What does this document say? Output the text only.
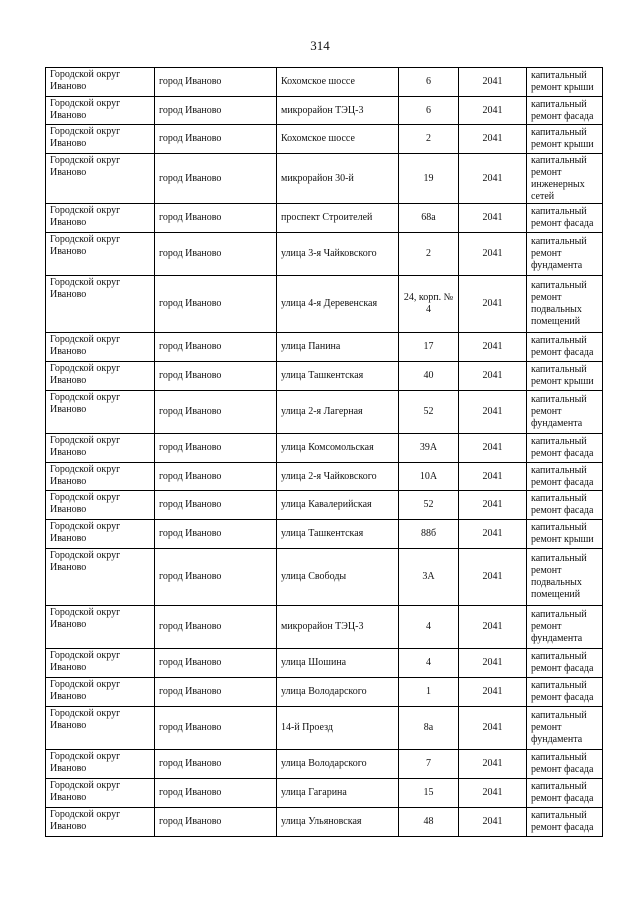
314
Городской округ Иваново	город Иваново	Кохомское шоссе	6	2041	капитальный ремонт крыши
Городской округ Иваново	город Иваново	микрорайон ТЭЦ-3	6	2041	капитальный ремонт фасада
Городской округ Иваново	город Иваново	Кохомское шоссе	2	2041	капитальный ремонт крыши
Городской округ Иваново	город Иваново	микрорайон 30-й	19	2041	капитальный ремонт инженерных сетей
Городской округ Иваново	город Иваново	проспект Строителей	68а	2041	капитальный ремонт фасада
Городской округ Иваново	город Иваново	улица 3-я Чайковского	2	2041	капитальный ремонт фундамента
Городской округ Иваново	город Иваново	улица 4-я Деревенская	24, корп. № 4	2041	капитальный ремонт подвальных помещений
Городской округ Иваново	город Иваново	улица Панина	17	2041	капитальный ремонт фасада
Городской округ Иваново	город Иваново	улица Ташкентская	40	2041	капитальный ремонт крыши
Городской округ Иваново	город Иваново	улица 2-я Лагерная	52	2041	капитальный ремонт фундамента
Городской округ Иваново	город Иваново	улица Комсомольская	39А	2041	капитальный ремонт фасада
Городской округ Иваново	город Иваново	улица 2-я Чайковского	10А	2041	капитальный ремонт фасада
Городской округ Иваново	город Иваново	улица Кавалерийская	52	2041	капитальный ремонт фасада
Городской округ Иваново	город Иваново	улица Ташкентская	88б	2041	капитальный ремонт крыши
Городской округ Иваново	город Иваново	улица Свободы	3А	2041	капитальный ремонт подвальных помещений
Городской округ Иваново	город Иваново	микрорайон ТЭЦ-3	4	2041	капитальный ремонт фундамента
Городской округ Иваново	город Иваново	улица Шошина	4	2041	капитальный ремонт фасада
Городской округ Иваново	город Иваново	улица Володарского	1	2041	капитальный ремонт фасада
Городской округ Иваново	город Иваново	14-й Проезд	8а	2041	капитальный ремонт фундамента
Городской округ Иваново	город Иваново	улица Володарского	7	2041	капитальный ремонт фасада
Городской округ Иваново	город Иваново	улица Гагарина	15	2041	капитальный ремонт фасада
Городской округ Иваново	город Иваново	улица Ульяновская	48	2041	капитальный ремонт фасада
